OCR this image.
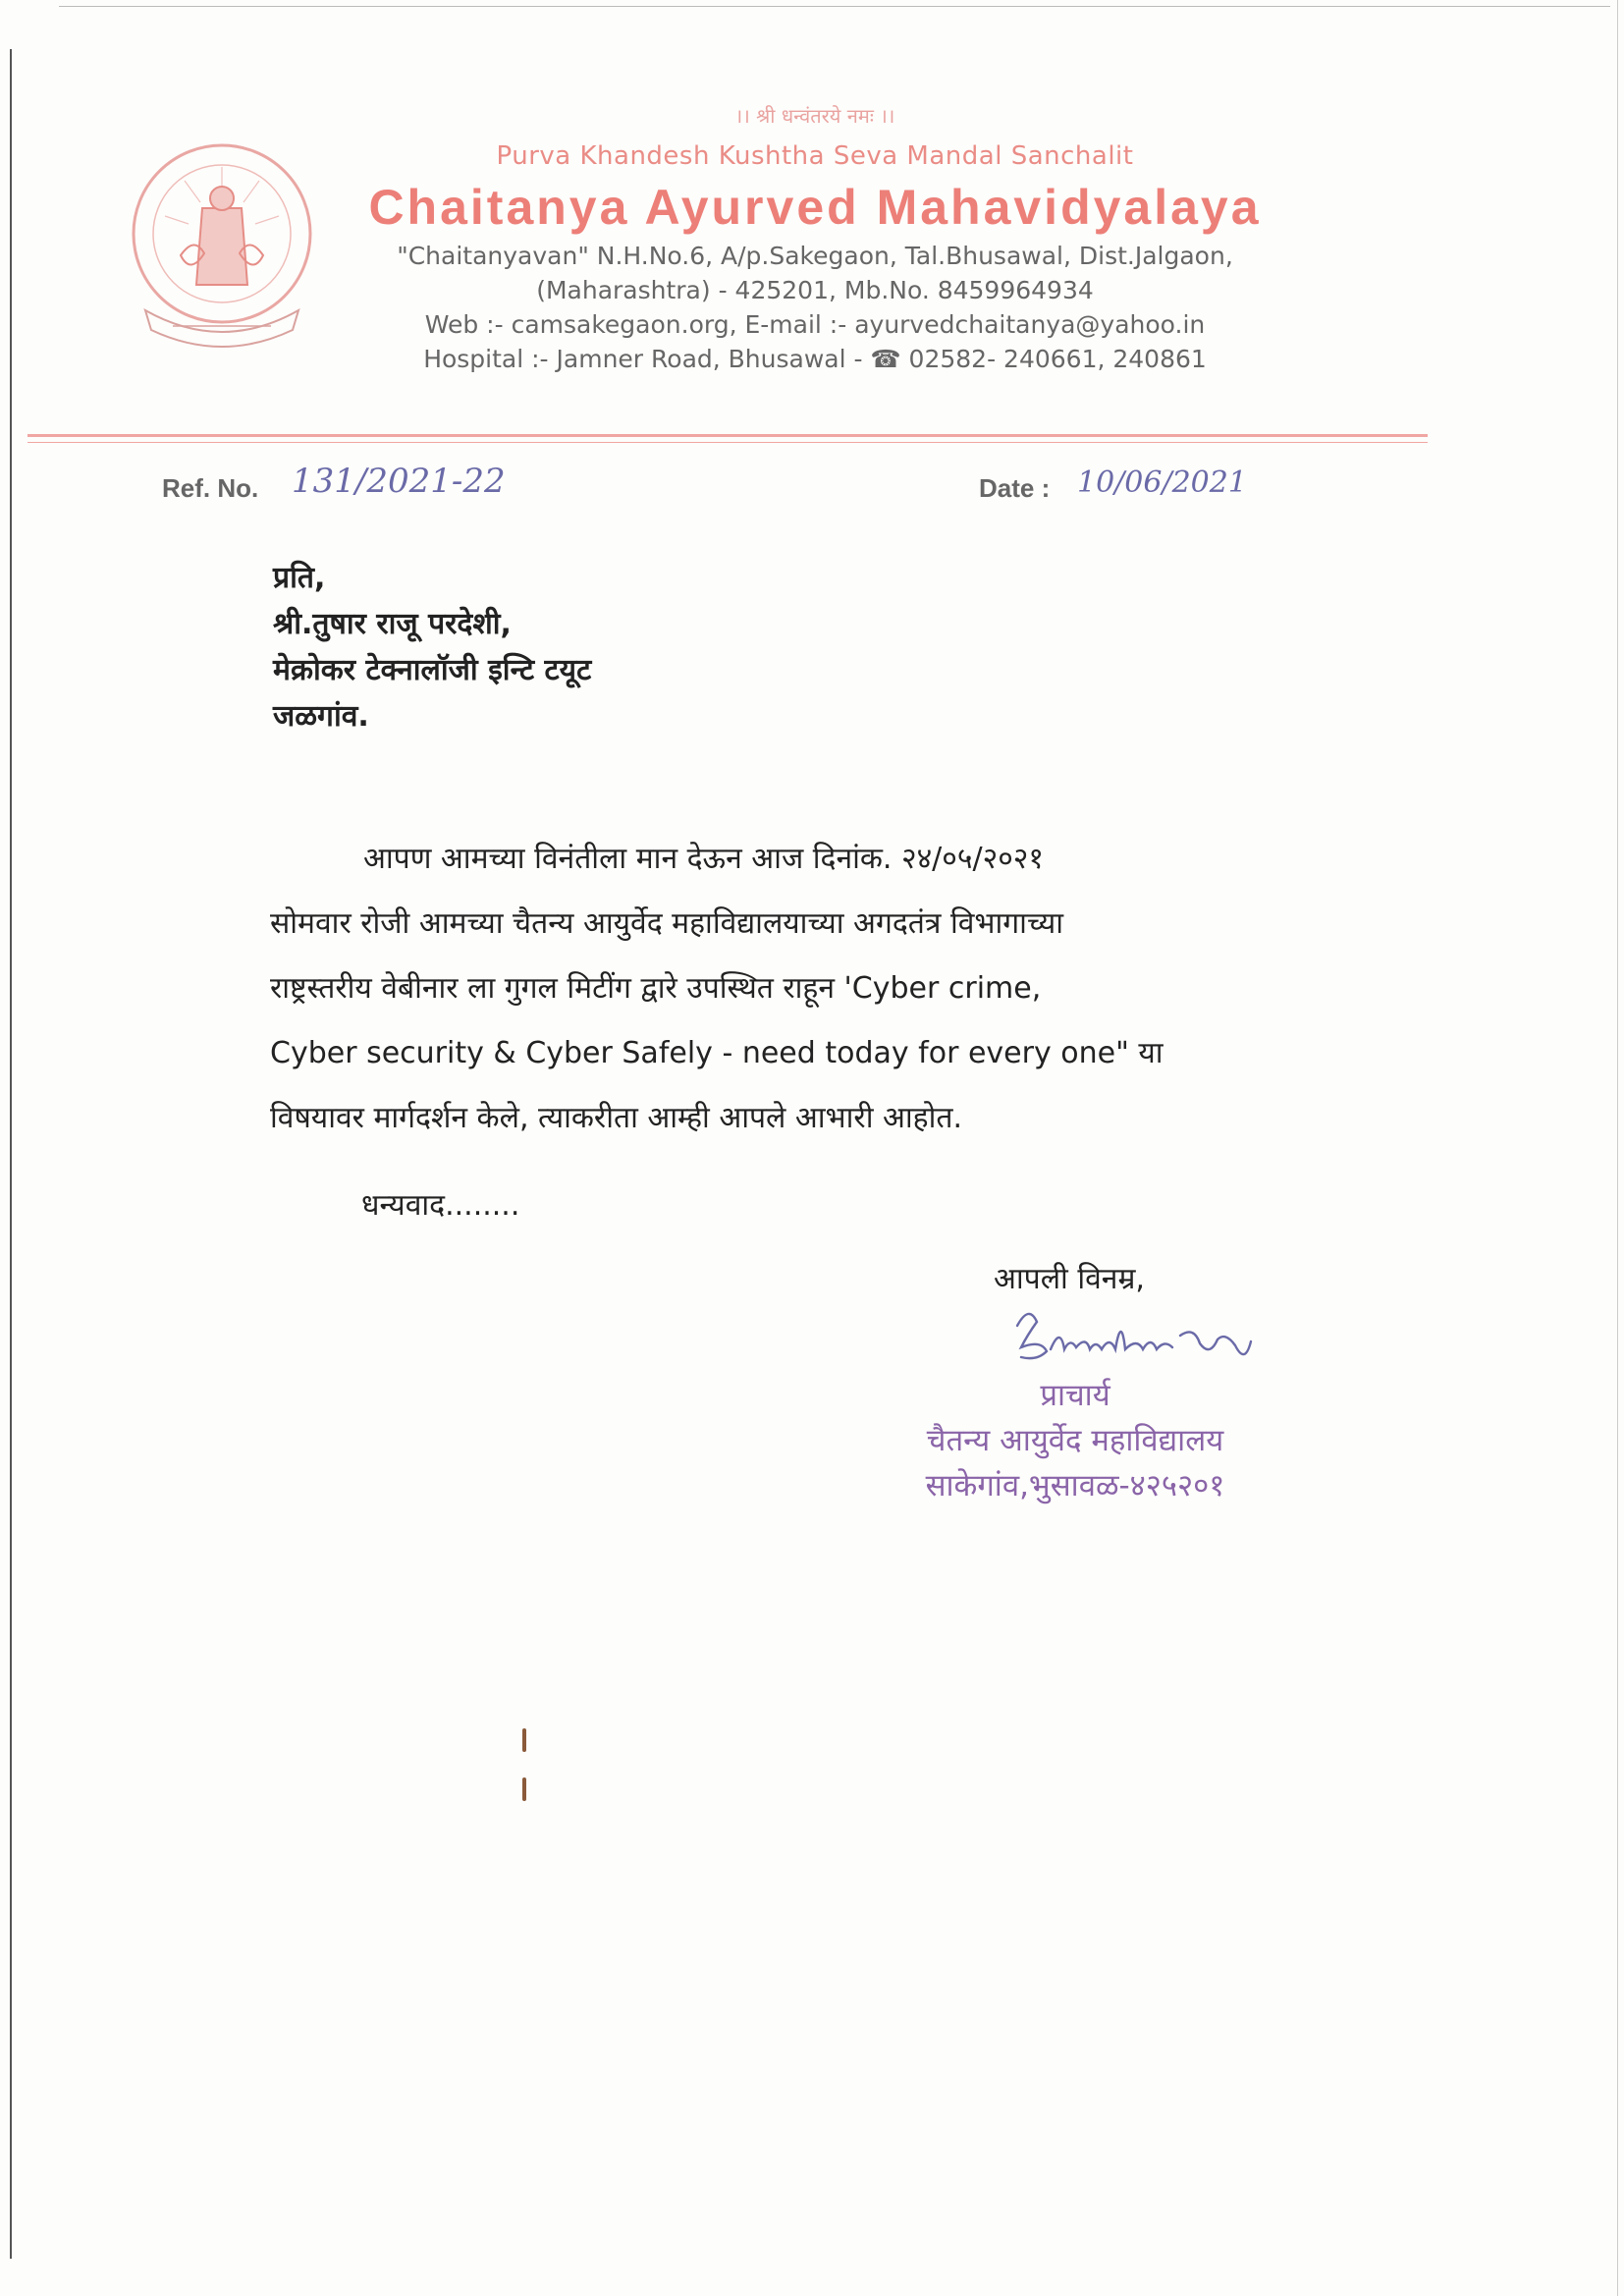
।। श्री धन्वंतरये नमः ।।
Purva Khandesh Kushtha Seva Mandal Sanchalit
Chaitanya Ayurved Mahavidyalaya
"Chaitanyavan" N.H.No.6, A/p.Sakegaon, Tal.Bhusawal, Dist.Jalgaon,
(Maharashtra) - 425201, Mb.No. 8459964934
Web :- camsakegaon.org, E-mail :- ayurvedchaitanya@yahoo.in
Hospital :- Jamner Road, Bhusawal - ☎ 02582- 240661, 240861
Ref. No. 131/2021-22	Date : 10/06/2021
प्रति,
श्री.तुषार राजू परदेशी,
मेक्रोकर टेक्नालॉजी इन्टि टयूट
जळगांव.

आपण आमच्या विनंतीला मान देऊन आज दिनांक. २४/०५/२०२१

सोमवार रोजी आमच्या चैतन्य आयुर्वेद महाविद्यालयाच्या अगदतंत्र विभागाच्या

राष्ट्रस्तरीय वेबीनार ला गुगल मिटींग द्वारे उपस्थित राहून 'Cyber crime,

Cyber security & Cyber Safely - need today for every one" या

विषयावर मार्गदर्शन केले, त्याकरीता आम्ही आपले आभारी आहोत.

धन्यवाद........
आपली विनम्र,
प्राचार्य
चैतन्य आयुर्वेद महाविद्यालय
साकेगांव,भुसावळ-४२५२०१
